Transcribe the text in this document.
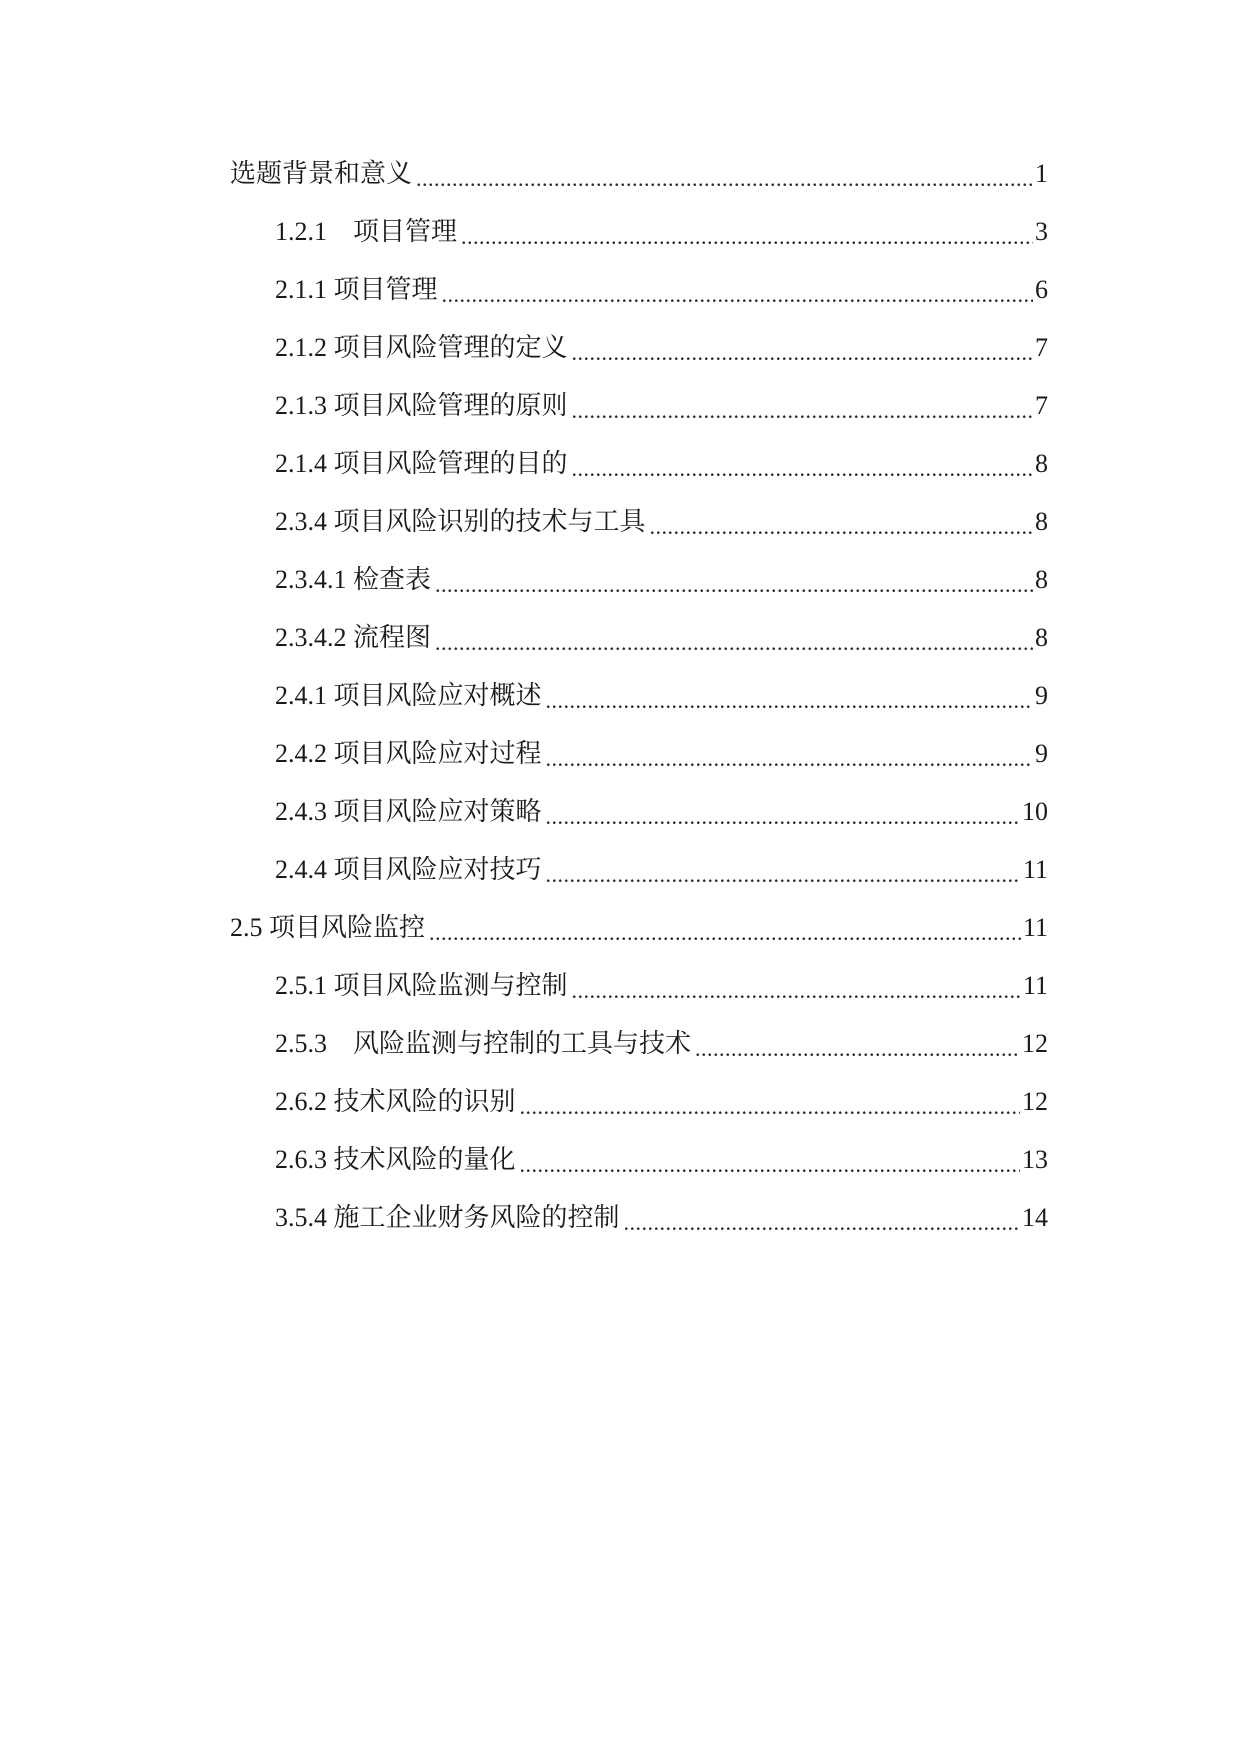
选题背景和意义 .....	1
1.2.1　项目管理 .....	3
2.1.1 项目管理 .....	6
2.1.2 项目风险管理的定义 .....	7
2.1.3 项目风险管理的原则 .....	7
2.1.4 项目风险管理的目的 .....	8
2.3.4 项目风险识别的技术与工具 .....	8
2.3.4.1 检查表 .....	8
2.3.4.2 流程图 .....	8
2.4.1 项目风险应对概述 .....	9
2.4.2 项目风险应对过程 .....	9
2.4.3 项目风险应对策略 .....	10
2.4.4 项目风险应对技巧 .....	11
2.5 项目风险监控 .....	11
2.5.1 项目风险监测与控制 .....	11
2.5.3　风险监测与控制的工具与技术 .....	12
2.6.2 技术风险的识别 .....	12
2.6.3 技术风险的量化 .....	13
3.5.4 施工企业财务风险的控制 .....	14
